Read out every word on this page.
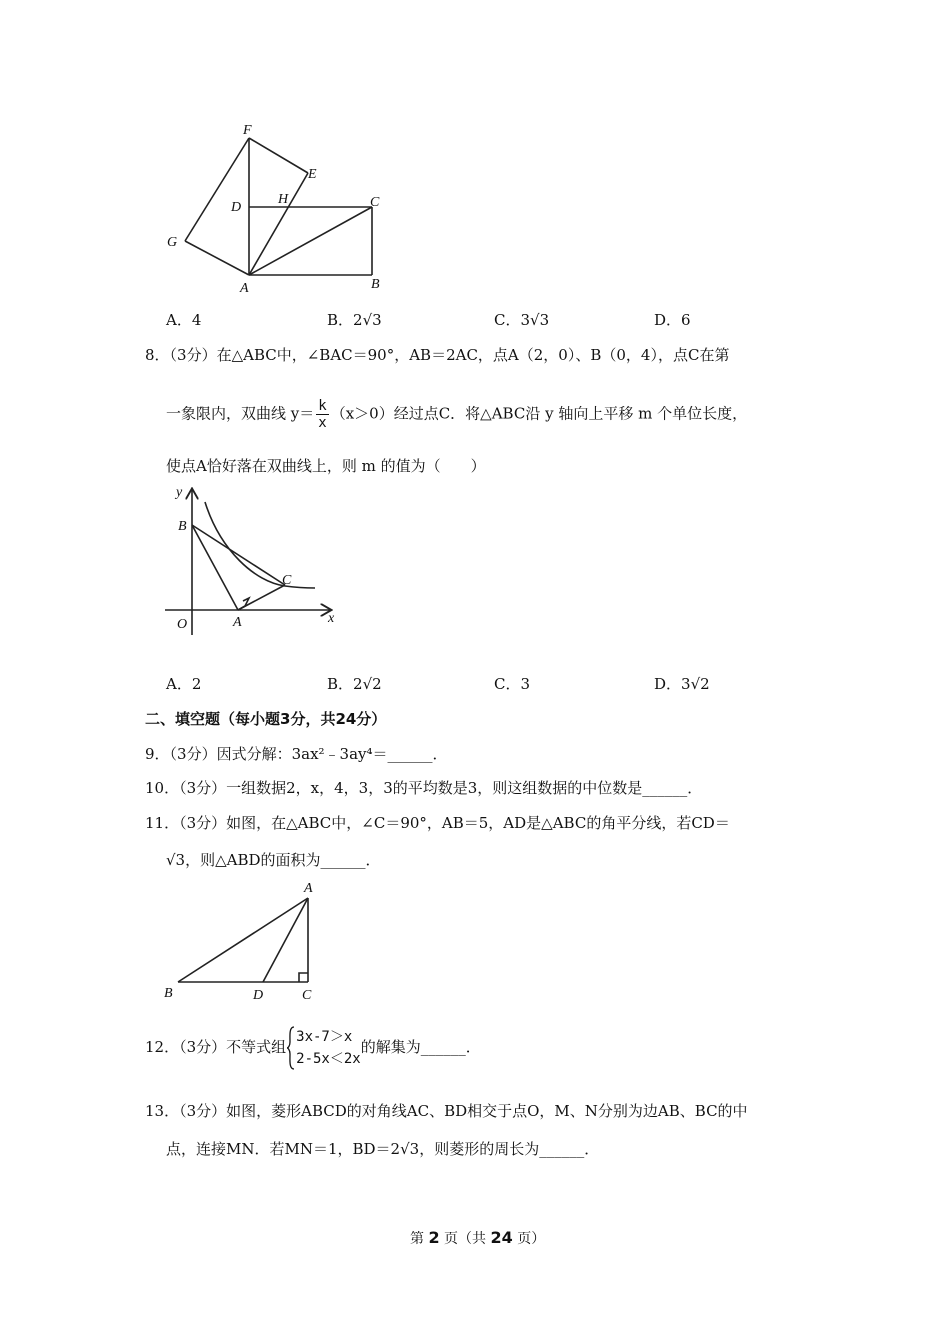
F
E
D
H	C
G
A	B
A．4	B．2√3	C．3√3	D．6
8．（3分）在△ABC中，∠BAC＝90°，AB＝2AC，点A（2，0）、B（0，4），点C在第
一象限内，双曲线 $y= \frac{k}{x} (x>0)$经过点C．将△ABC沿 y 轴向上平移 m 个单位长度，
使点A恰好落在双曲线上，则 m 的值为（　　）
y
B
C
O	A	x
A．2	B．2√2	C．3	D．3√2
二、填空题（每小题3分，共24分）
9．（3分）因式分解：3ax²﹣3ay⁴＝______．
10．（3分）一组数据2，x，4，3，3的平均数是3，则这组数据的中位数是______．
11．（3分）如图，在△ABC中，∠C＝90°，AB＝5，AD是△ABC的角平分线，若CD＝
√3，则△ABD的面积为______．
A
B	D	C
12．（3分）不等式组
3x-7＞x
2-5x＜2x
的解集为______．
13．（3分）如图，菱形ABCD的对角线AC、BD相交于点O，M、N分别为边AB、BC的中
点，连接MN．若MN＝1，BD＝2√3，则菱形的周长为______．
第 2 页（共 24 页）
